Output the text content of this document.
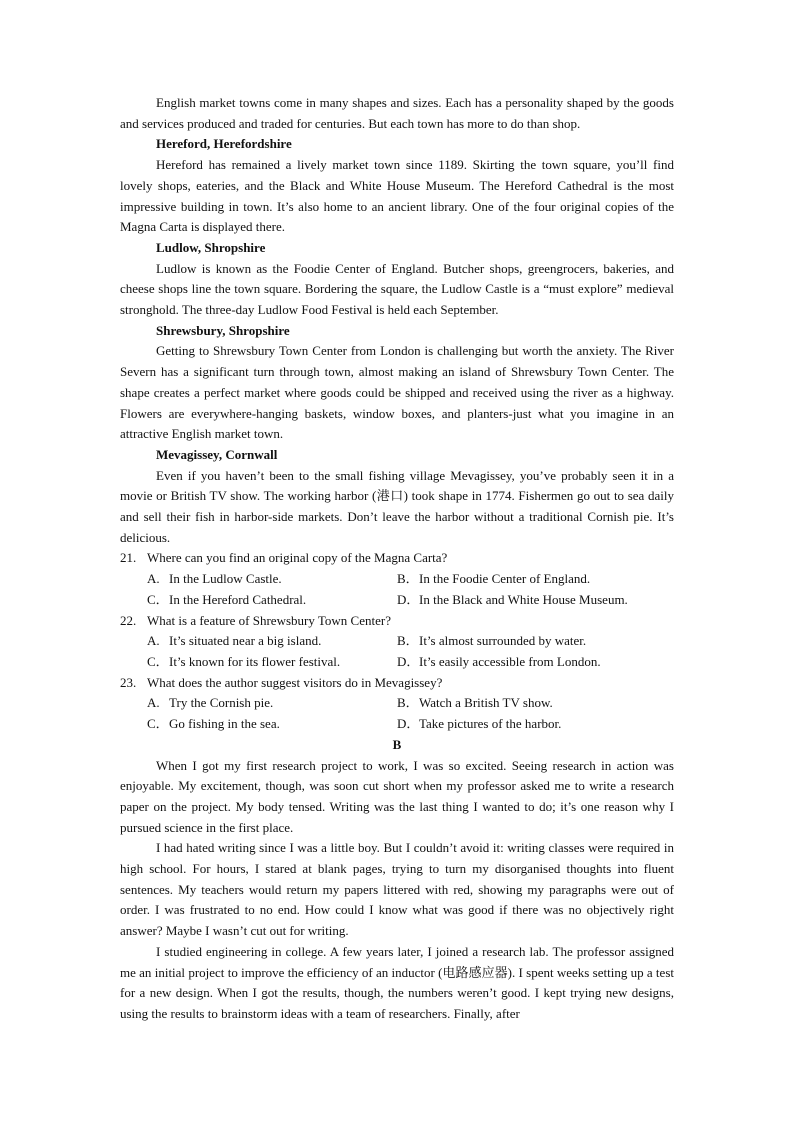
English market towns come in many shapes and sizes. Each has a personality shaped by the goods and services produced and traded for centuries. But each town has more to do than shop.

Hereford, Herefordshire

Hereford has remained a lively market town since 1189. Skirting the town square, you’ll find lovely shops, eateries, and the Black and White House Museum. The Hereford Cathedral is the most impressive building in town. It’s also home to an ancient library. One of the four original copies of the Magna Carta is displayed there.

Ludlow, Shropshire

Ludlow is known as the Foodie Center of England. Butcher shops, greengrocers, bakeries, and cheese shops line the town square. Bordering the square, the Ludlow Castle is a “must explore” medieval stronghold. The three-day Ludlow Food Festival is held each September.

Shrewsbury, Shropshire

Getting to Shrewsbury Town Center from London is challenging but worth the anxiety. The River Severn has a significant turn through town, almost making an island of Shrewsbury Town Center. The shape creates a perfect market where goods could be shipped and received using the river as a highway. Flowers are everywhere-hanging baskets, window boxes, and planters-just what you imagine in an attractive English market town.

Mevagissey, Cornwall

Even if you haven’t been to the small fishing village Mevagissey, you’ve probably seen it in a movie or British TV show. The working harbor (港口) took shape in 1774. Fishermen go out to sea daily and sell their fish in harbor-side markets. Don’t leave the harbor without a traditional Cornish pie. It’s delicious.

21. Where can you find an original copy of the Magna Carta?
A. In the Ludlow Castle.	B． In the Foodie Center of England.
C． In the Hereford Cathedral.	D． In the Black and White House Museum.
22. What is a feature of Shrewsbury Town Center?
A. It’s situated near a big island.	B． It’s almost surrounded by water.
C． It’s known for its flower festival.	D． It’s easily accessible from London.
23. What does the author suggest visitors do in Mevagissey?
A. Try the Cornish pie.	B． Watch a British TV show.
C． Go fishing in the sea.	D． Take pictures of the harbor.

B

When I got my first research project to work, I was so excited. Seeing research in action was enjoyable. My excitement, though, was soon cut short when my professor asked me to write a research paper on the project. My body tensed. Writing was the last thing I wanted to do; it’s one reason why I pursued science in the first place.

I had hated writing since I was a little boy. But I couldn’t avoid it: writing classes were required in high school. For hours, I stared at blank pages, trying to turn my disorganised thoughts into fluent sentences. My teachers would return my papers littered with red, showing my paragraphs were out of order. I was frustrated to no end. How could I know what was good if there was no objectively right answer? Maybe I wasn’t cut out for writing.

I studied engineering in college. A few years later, I joined a research lab. The professor assigned me an initial project to improve the efficiency of an inductor (电路感应器). I spent weeks setting up a test for a new design. When I got the results, though, the numbers weren’t good. I kept trying new designs, using the results to brainstorm ideas with a team of researchers. Finally, after
